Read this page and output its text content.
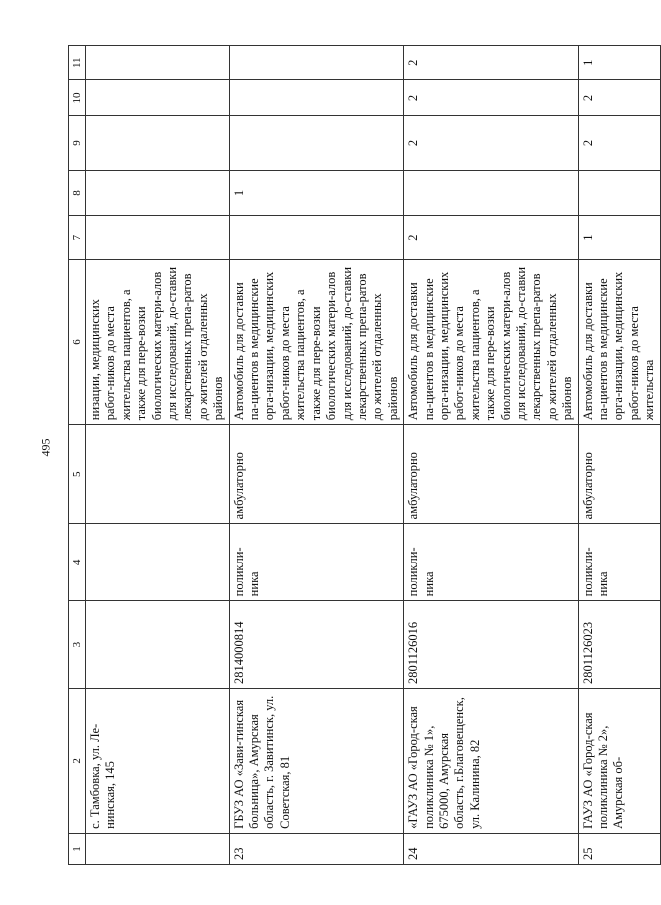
495
1	2	3	4	5	6	7	8	9	10	11
	с. Тамбовка, ул. Ле-нинская, 145				низации, медицинских работ-ников до места жительства пациентов, а также для пере-возки биологических матери-алов для исследований, до-ставки лекарственных препа-ратов до жителей отдаленных районов					
23	ГБУЗ АО «Зави-тинская больница», Амурская область, г. Завитинск, ул. Советская, 81	2814000814	поликли-ника	амбулаторно	Автомобиль для доставки па-циентов в медицинские орга-низации, медицинских работ-ников до места жительства пациентов, а также для пере-возки биологических матери-алов для исследований, до-ставки лекарственных препа-ратов до жителей отдаленных районов		1			
24	«ГАУЗ АО «Город-ская поликлиника № 1», 675000, Амурская область, г.Благовещенск, ул. Калинина, 82	2801126016	поликли-ника	амбулаторно	Автомобиль для доставки па-циентов в медицинские орга-низации, медицинских работ-ников до места жительства пациентов, а также для пере-возки биологических матери-алов для исследований, до-ставки лекарственных препа-ратов до жителей отдаленных районов	2		2	2	2
25	ГАУЗ АО «Город-ская поликлиника № 2», Амурская об-	2801126023	поликли-ника	амбулаторно	Автомобиль для доставки па-циентов в медицинские орга-низации, медицинских работ-ников до места жительства	1		2	2	1
